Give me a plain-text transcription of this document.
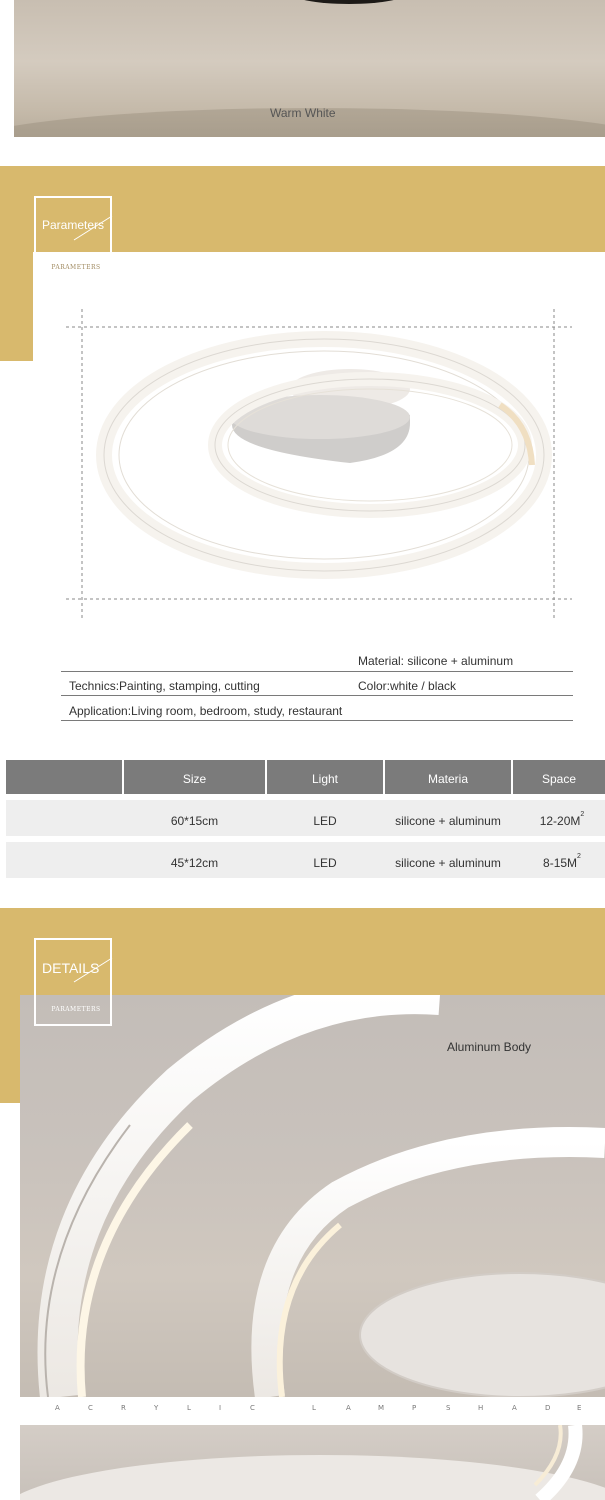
Warm White
Parameters
PARAMETERS
Material: silicone + aluminum
Technics:Painting, stamping, cutting	Color:white / black
Application:Living room, bedroom, study, restaurant
Size	Light	Materia	Space
60*15cm	LED	silicone + aluminum	$12-20M^2$
45*12cm	LED	silicone + aluminum	$8-15M^2$
DETAILS
PARAMETERS
Aluminum Body
A	C	R	Y	L	I	C	L	A	M	P	S	H	A	D	E
